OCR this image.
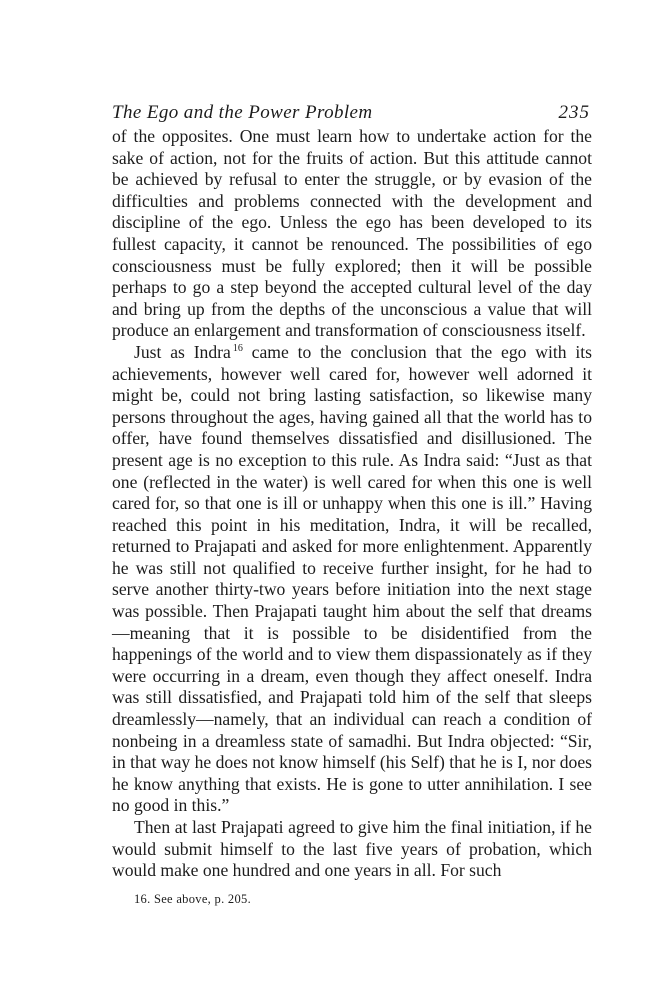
The Ego and the Power Problem	235

of the opposites. One must learn how to undertake action for the sake of action, not for the fruits of action. But this attitude cannot be achieved by refusal to enter the struggle, or by evasion of the difficulties and problems connected with the development and discipline of the ego. Unless the ego has been developed to its fullest capacity, it cannot be renounced. The possibilities of ego consciousness must be fully explored; then it will be possible perhaps to go a step beyond the accepted cultural level of the day and bring up from the depths of the unconscious a value that will produce an enlargement and transformation of consciousness itself.

Just as Indra $^{16}$ came to the conclusion that the ego with its achievements, however well cared for, however well adorned it might be, could not bring lasting satisfaction, so likewise many persons throughout the ages, having gained all that the world has to offer, have found themselves dissatisfied and disillusioned. The present age is no exception to this rule. As Indra said: “Just as that one (reflected in the water) is well cared for when this one is well cared for, so that one is ill or unhappy when this one is ill.” Having reached this point in his meditation, Indra, it will be recalled, returned to Prajapati and asked for more enlightenment. Apparently he was still not qualified to receive further insight, for he had to serve another thirty-two years before initiation into the next stage was possible. Then Prajapati taught him about the self that dreams—meaning that it is possible to be disidentified from the happenings of the world and to view them dispassionately as if they were occurring in a dream, even though they affect oneself. Indra was still dissatisfied, and Prajapati told him of the self that sleeps dreamlessly—namely, that an individual can reach a condition of nonbeing in a dreamless state of samadhi. But Indra objected: “Sir, in that way he does not know himself (his Self) that he is I, nor does he know anything that exists. He is gone to utter annihilation. I see no good in this.”

Then at last Prajapati agreed to give him the final initiation, if he would submit himself to the last five years of probation, which would make one hundred and one years in all. For such

16. See above, p. 205.
